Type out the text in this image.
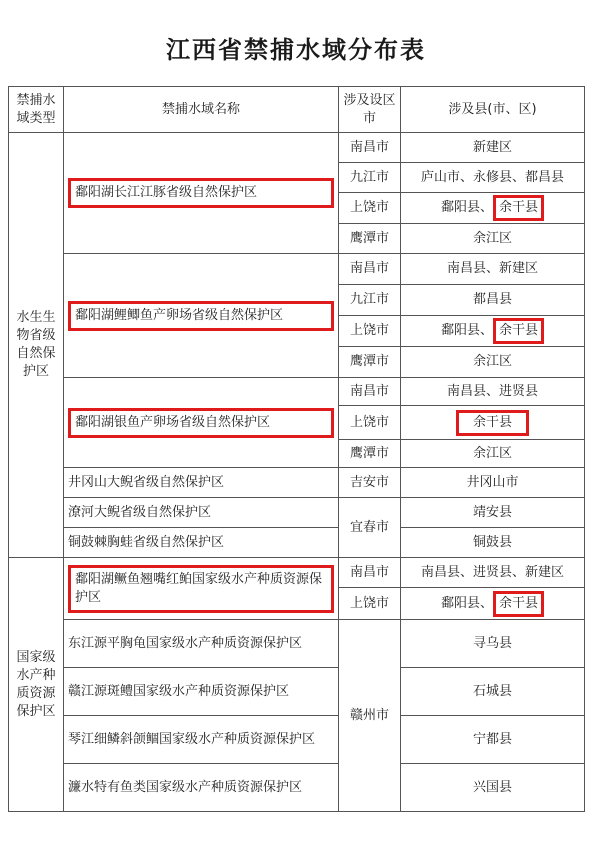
江西省禁捕水域分布表
禁捕水域类型	禁捕水域名称	涉及设区市	涉及县(市、区)
水生生物省级自然保护区	鄱阳湖长江江豚省级自然保护区	南昌市	新建区
		九江市	庐山市、永修县、都昌县
		上饶市	鄱阳县、 余干县
		鹰潭市	余江区

	鄱阳湖鲤鲫鱼产卵场省级自然保护区	南昌市	南昌县、新建区
		九江市	都昌县
		上饶市	鄱阳县、 余干县
		鹰潭市	余江区

	鄱阳湖银鱼产卵场省级自然保护区	南昌市	南昌县、进贤县
		上饶市	余干县
		鹰潭市	余江区
	井冈山大鲵省级自然保护区	吉安市	井冈山市
	潦河大鲵省级自然保护区	宜春市	靖安县
	铜鼓棘胸蛙省级自然保护区		铜鼓县
国家级水产种质资源保护区	鄱阳湖鳜鱼翘嘴红鲌国家级水产种质资源保护区	南昌市	南昌县、进贤县、新建区
		上饶市	鄱阳县、 余干县
	东江源平胸龟国家级水产种质资源保护区	赣州市	寻乌县
	赣江源斑鳢国家级水产种质资源保护区		石城县
	琴江细鳞斜颌鲴国家级水产种质资源保护区		宁都县
	濂水特有鱼类国家级水产种质资源保护区		兴国县
